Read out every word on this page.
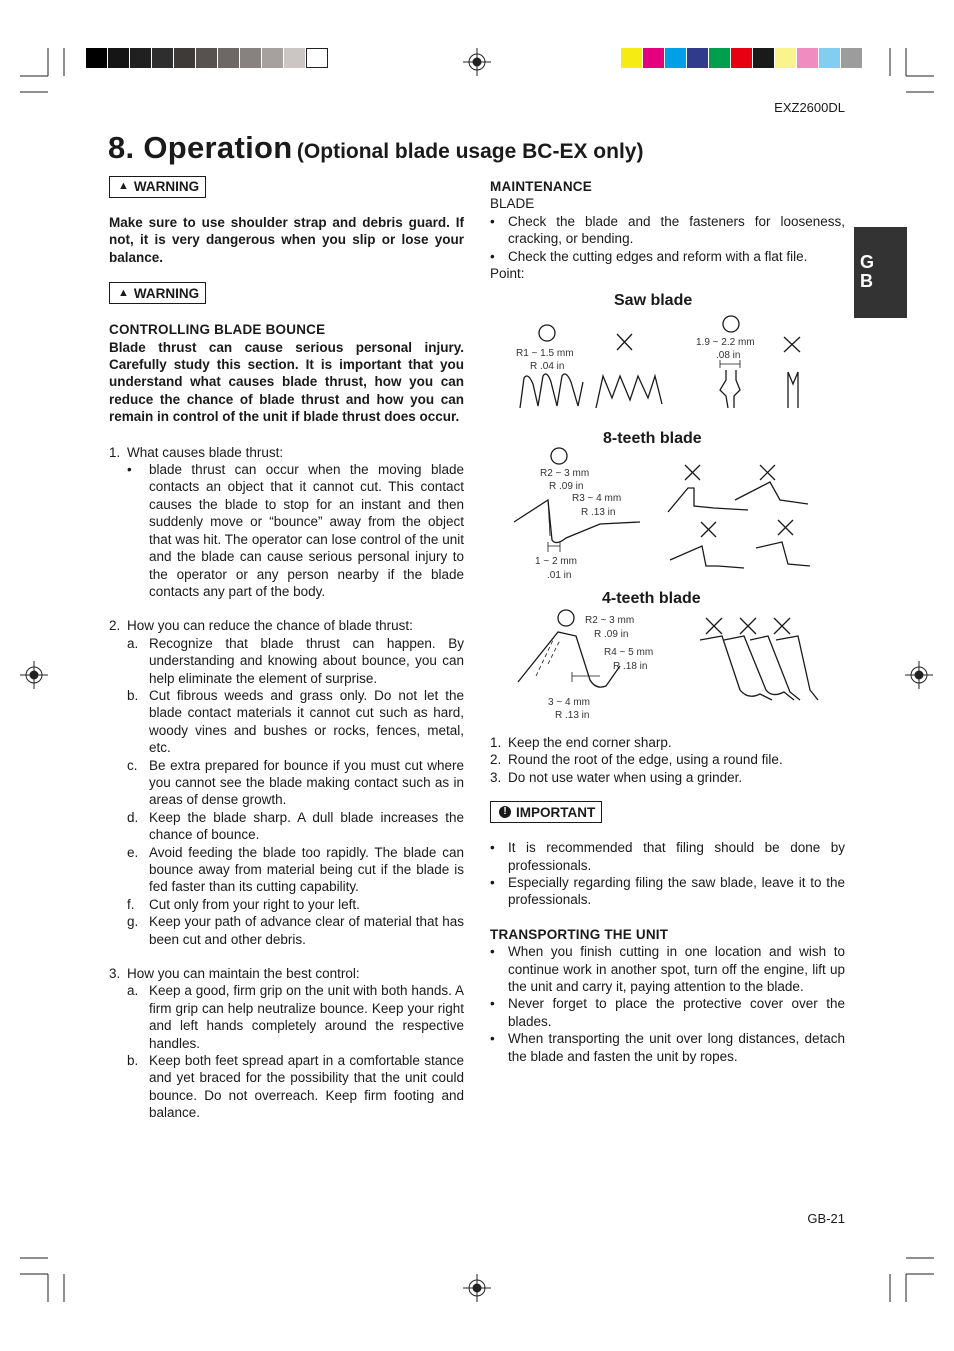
EXZ2600DL
8. Operation (Optional blade usage BC-EX only)
G
B
▲ WARNING

Make sure to use shoulder strap and debris guard. If not, it is very dangerous when you slip or lose your balance.

▲ WARNING

CONTROLLING BLADE BOUNCE

Blade thrust can cause serious personal injury. Carefully study this section. It is important that you understand what causes blade thrust, how you can reduce the chance of blade thrust and how you can remain in control of the unit if blade thrust does occur.

1. What causes blade thrust:
• blade thrust can occur when the moving blade contacts an object that it cannot cut. This contact causes the blade to stop for an instant and then suddenly move or “bounce” away from the object that was hit. The operator can lose control of the unit and the blade can cause serious personal injury to the operator or any person nearby if the blade contacts any part of the body.
2. How you can reduce the chance of blade thrust:
a. Recognize that blade thrust can happen. By understanding and knowing about bounce, you can help eliminate the element of surprise.
b. Cut fibrous weeds and grass only. Do not let the blade contact materials it cannot cut such as hard, woody vines and bushes or rocks, fences, metal, etc.
c. Be extra prepared for bounce if you must cut where you cannot see the blade making contact such as in areas of dense growth.
d. Keep the blade sharp. A dull blade increases the chance of bounce.
e. Avoid feeding the blade too rapidly. The blade can bounce away from material being cut if the blade is fed faster than its cutting capability.
f. Cut only from your right to your left.
g. Keep your path of advance clear of material that has been cut and other debris.
3. How you can maintain the best control:
a. Keep a good, firm grip on the unit with both hands. A firm grip can help neutralize bounce. Keep your right and left hands completely around the respective handles.
b. Keep both feet spread apart in a comfortable stance and yet braced for the possibility that the unit could bounce. Do not overreach. Keep firm footing and balance.

MAINTENANCE

BLADE

• Check the blade and the fasteners for looseness, cracking, or bending.
• Check the cutting edges and reform with a flat file.

Point:

Saw blade
R1 ~ 1.5 mm
R .04 in
1.9 ~ 2.2 mm
.08 in
8-teeth blade
R2 ~ 3 mm
R .09 in
R3 ~ 4 mm
R .13 in
1 ~ 2 mm
.01 in
4-teeth blade
R2 ~ 3 mm
R .09 in
R4 ~ 5 mm
R .18 in
3 ~ 4 mm
R .13 in
1. Keep the end corner sharp.
2. Round the root of the edge, using a round file.
3. Do not use water when using a grinder.
! IMPORTANT
• It is recommended that filing should be done by professionals.
• Especially regarding filing the saw blade, leave it to the professionals.

TRANSPORTING THE UNIT

• When you finish cutting in one location and wish to continue work in another spot, turn off the engine, lift up the unit and carry it, paying attention to the blade.
• Never forget to place the protective cover over the blades.
• When transporting the unit over long distances, detach the blade and fasten the unit by ropes.
GB-21
